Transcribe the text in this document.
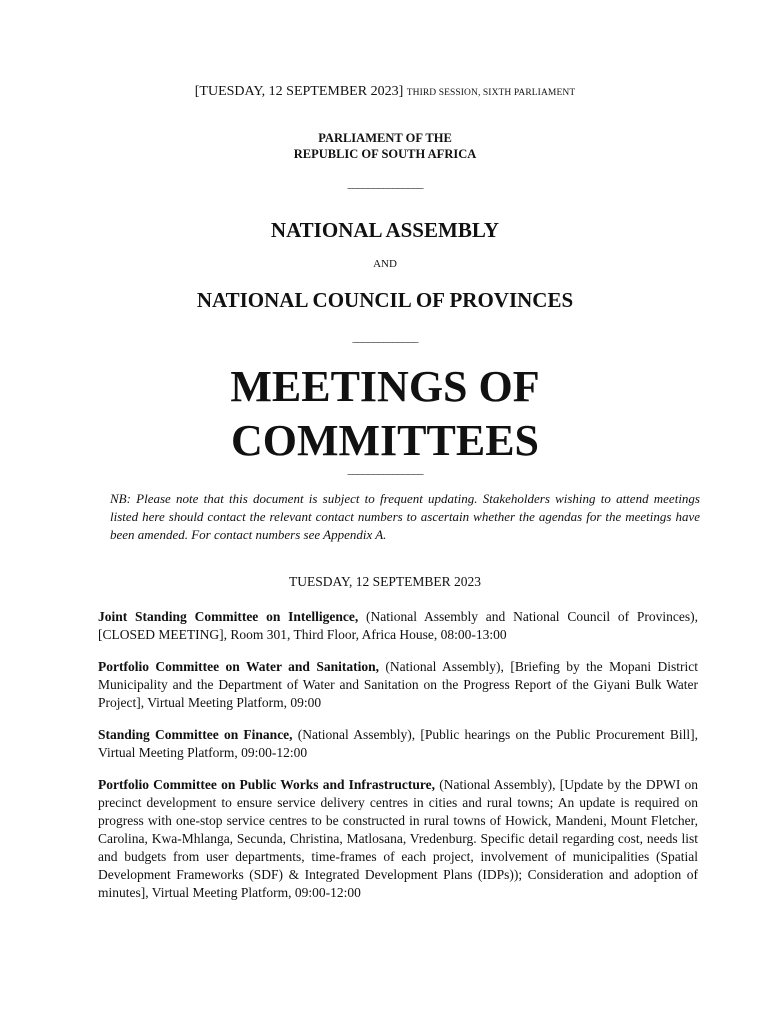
[TUESDAY, 12 SEPTEMBER 2023] THIRD SESSION, SIXTH PARLIAMENT
PARLIAMENT OF THE
REPUBLIC OF SOUTH AFRICA
_______________
NATIONAL ASSEMBLY
AND
NATIONAL COUNCIL OF PROVINCES
_____________
MEETINGS OF
COMMITTEES
_______________
NB: Please note that this document is subject to frequent updating. Stakeholders wishing to attend meetings listed here should contact the relevant contact numbers to ascertain whether the agendas for the meetings have been amended. For contact numbers see Appendix A.
TUESDAY, 12 SEPTEMBER 2023
Joint Standing Committee on Intelligence, (National Assembly and National Council of Provinces), [CLOSED MEETING], Room 301, Third Floor, Africa House, 08:00-13:00
Portfolio Committee on Water and Sanitation, (National Assembly), [Briefing by the Mopani District Municipality and the Department of Water and Sanitation on the Progress Report of the Giyani Bulk Water Project], Virtual Meeting Platform, 09:00
Standing Committee on Finance, (National Assembly), [Public hearings on the Public Procurement Bill], Virtual Meeting Platform, 09:00-12:00
Portfolio Committee on Public Works and Infrastructure, (National Assembly), [Update by the DPWI on precinct development to ensure service delivery centres in cities and rural towns; An update is required on progress with one-stop service centres to be constructed in rural towns of Howick, Mandeni, Mount Fletcher, Carolina, Kwa-Mhlanga, Secunda, Christina, Matlosana, Vredenburg. Specific detail regarding cost, needs list and budgets from user departments, time-frames of each project, involvement of municipalities (Spatial Development Frameworks (SDF) & Integrated Development Plans (IDPs)); Consideration and adoption of minutes], Virtual Meeting Platform, 09:00-12:00
